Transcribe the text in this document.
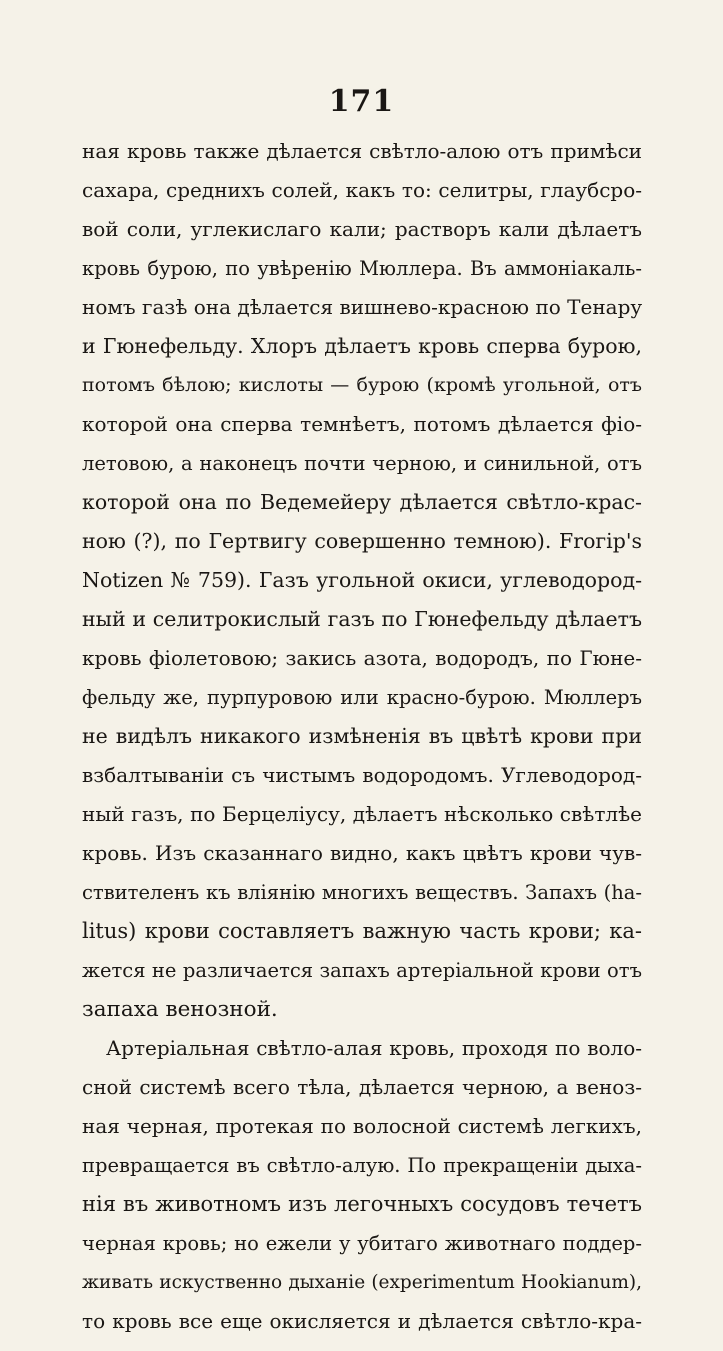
171
ная кровь также дѣлается свѣтло-алою отъ примѣси
сахара, среднихъ солей, какъ то: селитры, глаубсро-
вой соли, углекислаго кали; растворъ кали дѣлаетъ
кровь бурою, по увѣренію Мюллера. Въ аммоніакаль-
номъ газѣ она дѣлается вишнево-красною по Тенару
и Гюнефельду. Хлоръ дѣлаетъ кровь сперва бурою,
потомъ бѣлою; кислоты — бурою (кромѣ угольной, отъ
которой она сперва темнѣетъ, потомъ дѣлается фіо-
летовою, а наконецъ почти черною, и синильной, отъ
которой она по Ведемейеру дѣлается свѣтло-крас-
ною (?), по Гертвигу совершенно темною). Frогір's
Notizen № 759). Газъ угольной окиси, углеводород-
ный и селитрокислый газъ по Гюнефельду дѣлаетъ
кровь фіолетовою; закись азота, водородъ, по Гюне-
фельду же, пурпуровою или красно-бурою. Мюллеръ
не видѣлъ никакого измѣненія въ цвѣтѣ крови при
взбалтываніи съ чистымъ водородомъ. Углеводород-
ный газъ, по Берцеліусу, дѣлаетъ нѣсколько свѣтлѣе
кровь. Изъ сказаннаго видно, какъ цвѣтъ крови чув-
ствителенъ къ вліянію многихъ веществъ. Запахъ (ha-
litus) крови составляетъ важную часть крови; ка-
жется не различается запахъ артеріальной крови отъ
запаха венозной.
Артеріальная свѣтло-алая кровь, проходя по воло-
сной системѣ всего тѣла, дѣлается черною, а веноз-
ная черная, протекая по волосной системѣ легкихъ,
превращается въ свѣтло-алую. По прекращеніи дыха-
нія въ животномъ изъ легочныхъ сосудовъ течетъ
черная кровь; но ежели у убитаго животнаго поддер-
живать искуственно дыханіе (experimentum Hookianum),
то кровь все еще окисляется и дѣлается свѣтло-кра-
